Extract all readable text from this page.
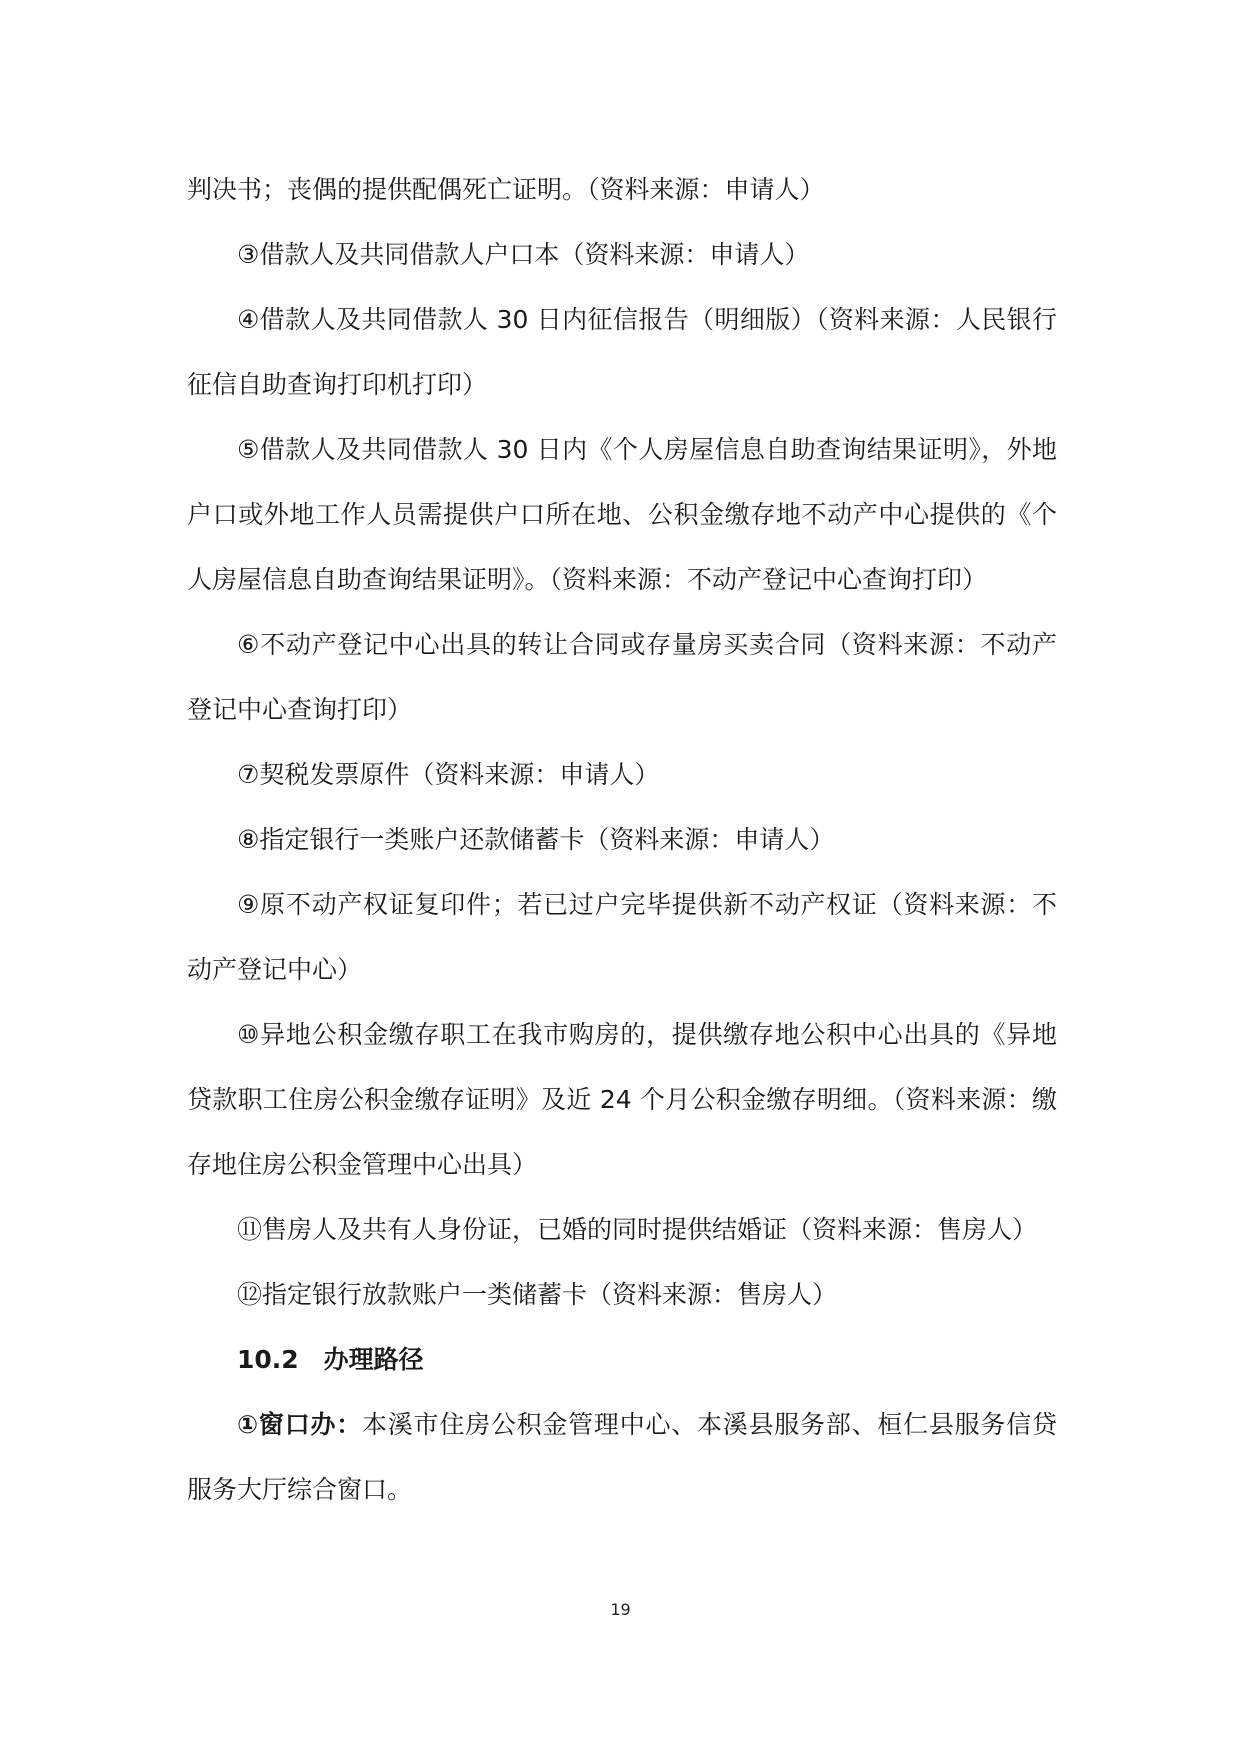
判决书；丧偶的提供配偶死亡证明。（资料来源：申请人）

③借款人及共同借款人户口本（资料来源：申请人）

④借款人及共同借款人 30 日内征信报告（明细版）（资料来源：人民银行征信自助查询打印机打印）

⑤借款人及共同借款人 30 日内《个人房屋信息自助查询结果证明》，外地户口或外地工作人员需提供户口所在地、公积金缴存地不动产中心提供的《个人房屋信息自助查询结果证明》。（资料来源：不动产登记中心查询打印）

⑥不动产登记中心出具的转让合同或存量房买卖合同（资料来源：不动产登记中心查询打印）

⑦契税发票原件（资料来源：申请人）

⑧指定银行一类账户还款储蓄卡（资料来源：申请人）

⑨原不动产权证复印件；若已过户完毕提供新不动产权证（资料来源：不动产登记中心）

⑩异地公积金缴存职工在我市购房的，提供缴存地公积中心出具的《异地贷款职工住房公积金缴存证明》及近 24 个月公积金缴存明细。（资料来源：缴存地住房公积金管理中心出具）

⑪售房人及共有人身份证，已婚的同时提供结婚证（资料来源：售房人）

⑫指定银行放款账户一类储蓄卡（资料来源：售房人）

10.2　办理路径

①窗口办：本溪市住房公积金管理中心、本溪县服务部、桓仁县服务信贷服务大厅综合窗口。

19
